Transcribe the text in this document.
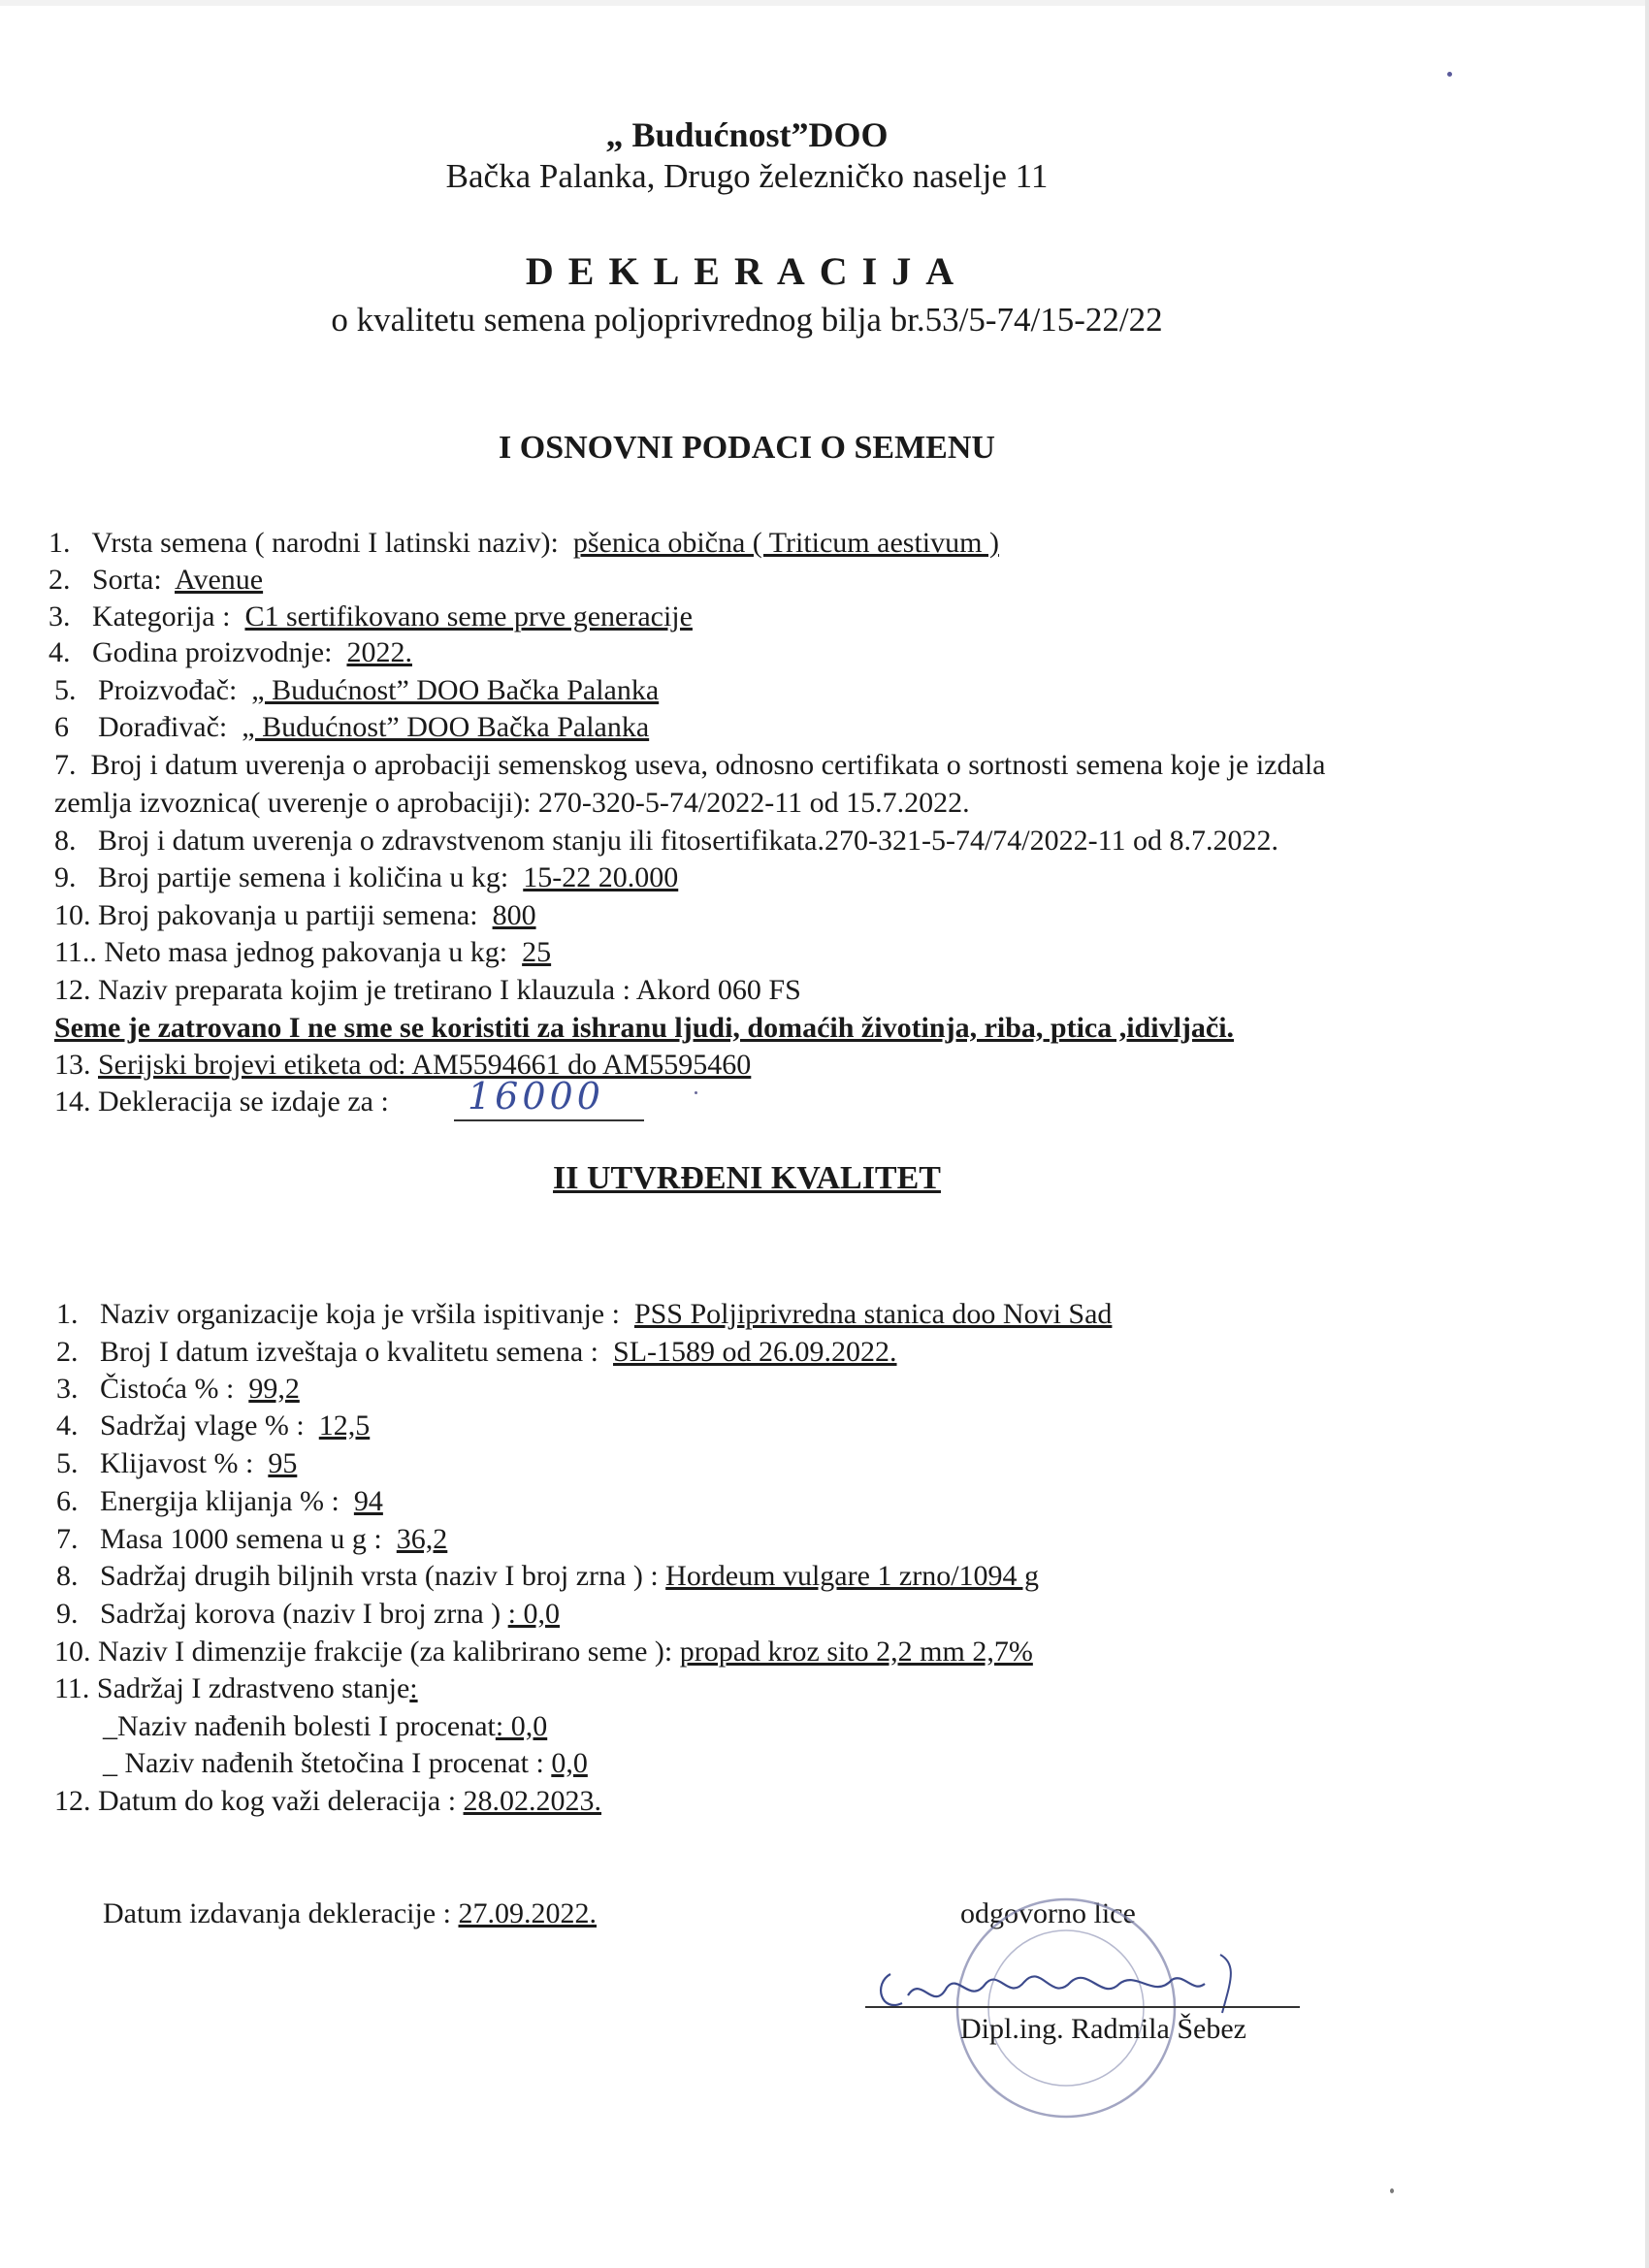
„ Budućnost”DOO
Bačka Palanka, Drugo železničko naselje 11
DEKLERACIJA
o kvalitetu semena poljoprivrednog bilja br.53/5-74/15-22/22
I OSNOVNI PODACI O SEMENU
1. Vrsta semena ( narodni I latinski naziv): pšenica obična ( Triticum aestivum )
2. Sorta: Avenue
3. Kategorija : C1 sertifikovano seme prve generacije
4. Godina proizvodnje: 2022.
5. Proizvođač: „ Budućnost” DOO Bačka Palanka
6 Dorađivač: „ Budućnost” DOO Bačka Palanka
7. Broj i datum uverenja o aprobaciji semenskog useva, odnosno certifikata o sortnosti semena koje je izdala
zemlja izvoznica( uverenje o aprobaciji): 270-320-5-74/2022-11 od 15.7.2022.
8. Broj i datum uverenja o zdravstvenom stanju ili fitosertifikata.270-321-5-74/74/2022-11 od 8.7.2022.
9. Broj partije semena i količina u kg: 15-22 20.000
10. Broj pakovanja u partiji semena: 800
11.. Neto masa jednog pakovanja u kg: 25
12. Naziv preparata kojim je tretirano I klauzula : Akord 060 FS
Seme je zatrovano I ne sme se koristiti za ishranu ljudi, domaćih životinja, riba, ptica ,idivljači.
13. Serijski brojevi etiketa od: AM5594661 do AM5595460
14. Dekleracija se izdaje za : 16000
II UTVRĐENI KVALITET
1. Naziv organizacije koja je vršila ispitivanje : PSS Poljiprivredna stanica doo Novi Sad
2. Broj I datum izveštaja o kvalitetu semena : SL-1589 od 26.09.2022.
3. Čistoća % : 99,2
4. Sadržaj vlage % : 12,5
5. Klijavost % : 95
6. Energija klijanja % : 94
7. Masa 1000 semena u g : 36,2
8. Sadržaj drugih biljnih vrsta (naziv I broj zrna ) : Hordeum vulgare 1 zrno/1094 g
9. Sadržaj korova (naziv I broj zrna ) : 0,0
10. Naziv I dimenzije frakcije (za kalibrirano seme ): propad kroz sito 2,2 mm 2,7%
11. Sadržaj I zdrastveno stanje:
_Naziv nađenih bolesti I procenat: 0,0
_ Naziv nađenih štetočina I procenat : 0,0
12. Datum do kog važi deleracija : 28.02.2023.
Datum izdavanja dekleracije : 27.09.2022.	odgovorno lice
Dipl.ing. Radmila Šebez
